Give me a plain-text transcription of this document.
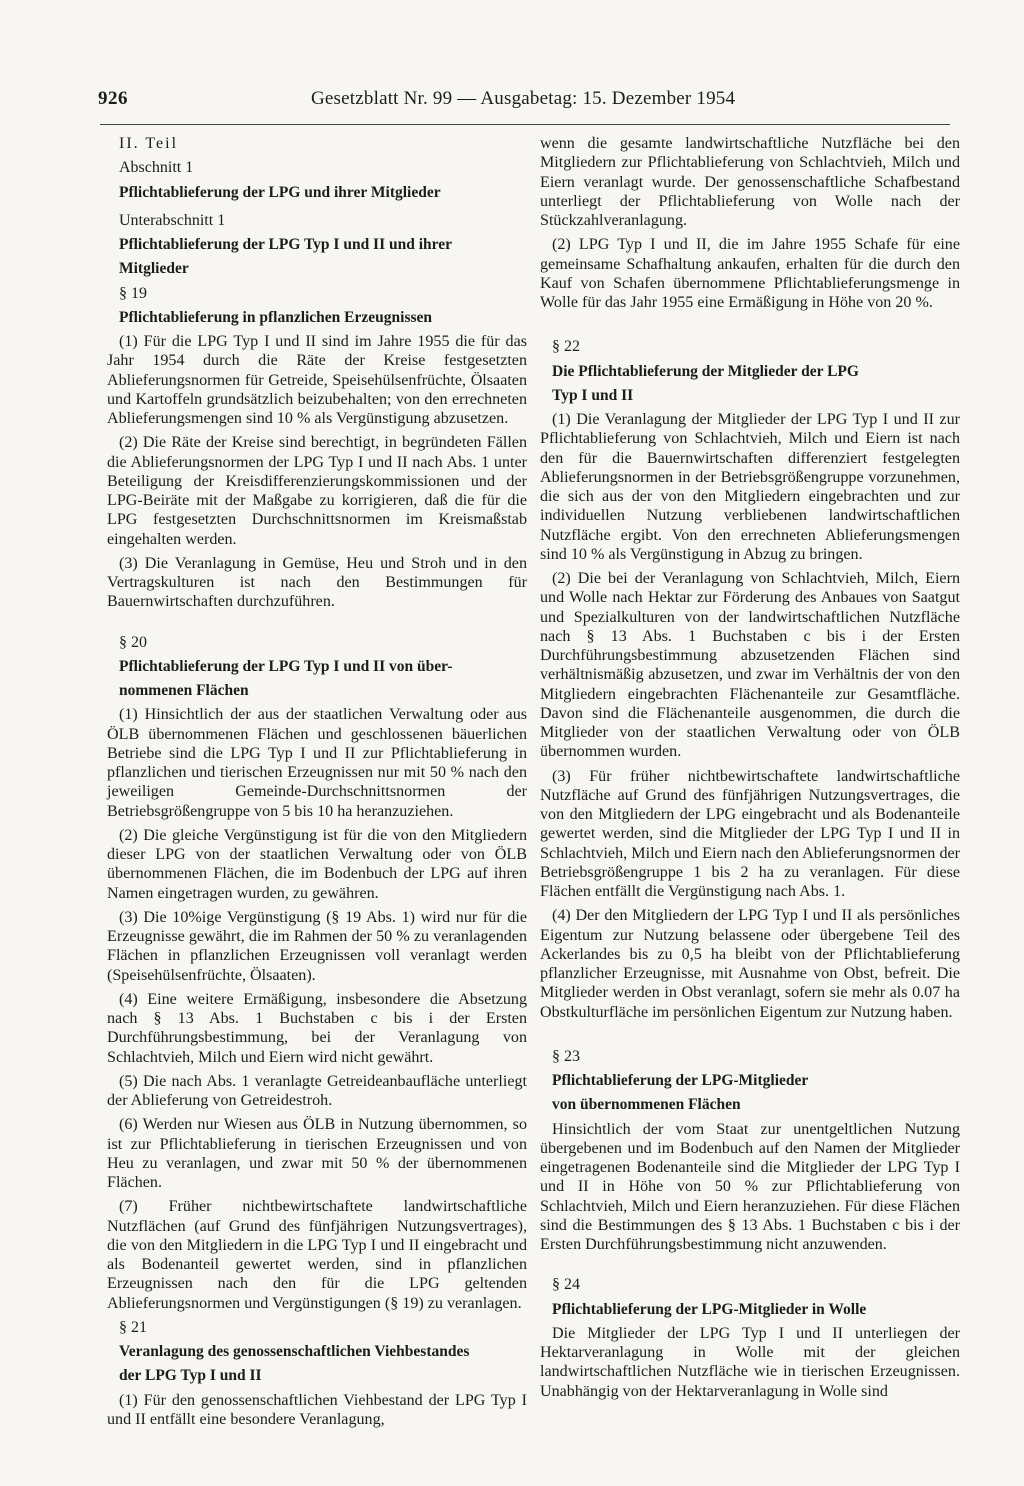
926	Gesetzblatt Nr. 99 — Ausgabetag: 15. Dezember 1954

II. Teil

Abschnitt 1

Pflichtablieferung der LPG und ihrer Mitglieder

Unterabschnitt 1

Pflichtablieferung der LPG Typ I und II und ihrer

Mitglieder

§ 19

Pflichtablieferung in pflanzlichen Erzeugnissen

(1) Für die LPG Typ I und II sind im Jahre 1955 die für das Jahr 1954 durch die Räte der Kreise festgesetzten Ablieferungsnormen für Getreide, Speisehülsenfrüchte, Ölsaaten und Kartoffeln grundsätzlich beizubehalten; von den errechneten Ablieferungsmengen sind 10 % als Vergünstigung abzusetzen.

(2) Die Räte der Kreise sind berechtigt, in begründeten Fällen die Ablieferungsnormen der LPG Typ I und II nach Abs. 1 unter Beteiligung der Kreisdifferenzierungskommissionen und der LPG-Beiräte mit der Maßgabe zu korrigieren, daß die für die LPG festgesetzten Durchschnittsnormen im Kreismaßstab eingehalten werden.

(3) Die Veranlagung in Gemüse, Heu und Stroh und in den Vertragskulturen ist nach den Bestimmungen für Bauernwirtschaften durchzuführen.

§ 20

Pflichtablieferung der LPG Typ I und II von über-

nommenen Flächen

(1) Hinsichtlich der aus der staatlichen Verwaltung oder aus ÖLB übernommenen Flächen und geschlossenen bäuerlichen Betriebe sind die LPG Typ I und II zur Pflichtablieferung in pflanzlichen und tierischen Erzeugnissen nur mit 50 % nach den jeweiligen Gemeinde-Durchschnittsnormen der Betriebsgrößengruppe von 5 bis 10 ha heranzuziehen.

(2) Die gleiche Vergünstigung ist für die von den Mitgliedern dieser LPG von der staatlichen Verwaltung oder von ÖLB übernommenen Flächen, die im Bodenbuch der LPG auf ihren Namen eingetragen wurden, zu gewähren.

(3) Die 10%ige Vergünstigung (§ 19 Abs. 1) wird nur für die Erzeugnisse gewährt, die im Rahmen der 50 % zu veranlagenden Flächen in pflanzlichen Erzeugnissen voll veranlagt werden (Speisehülsenfrüchte, Ölsaaten).

(4) Eine weitere Ermäßigung, insbesondere die Absetzung nach § 13 Abs. 1 Buchstaben c bis i der Ersten Durchführungsbestimmung, bei der Veranlagung von Schlachtvieh, Milch und Eiern wird nicht gewährt.

(5) Die nach Abs. 1 veranlagte Getreideanbaufläche unterliegt der Ablieferung von Getreidestroh.

(6) Werden nur Wiesen aus ÖLB in Nutzung übernommen, so ist zur Pflichtablieferung in tierischen Erzeugnissen und von Heu zu veranlagen, und zwar mit 50 % der übernommenen Flächen.

(7) Früher nichtbewirtschaftete landwirtschaftliche Nutzflächen (auf Grund des fünfjährigen Nutzungsvertrages), die von den Mitgliedern in die LPG Typ I und II eingebracht und als Bodenanteil gewertet werden, sind in pflanzlichen Erzeugnissen nach den für die LPG geltenden Ablieferungsnormen und Vergünstigungen (§ 19) zu veranlagen.

§ 21

Veranlagung des genossenschaftlichen Viehbestandes

der LPG Typ I und II

(1) Für den genossenschaftlichen Viehbestand der LPG Typ I und II entfällt eine besondere Veranlagung,

wenn die gesamte landwirtschaftliche Nutzfläche bei den Mitgliedern zur Pflichtablieferung von Schlachtvieh, Milch und Eiern veranlagt wurde. Der genossenschaftliche Schafbestand unterliegt der Pflichtablieferung von Wolle nach der Stückzahlveranlagung.

(2) LPG Typ I und II, die im Jahre 1955 Schafe für eine gemeinsame Schafhaltung ankaufen, erhalten für die durch den Kauf von Schafen übernommene Pflichtablieferungsmenge in Wolle für das Jahr 1955 eine Ermäßigung in Höhe von 20 %.

§ 22

Die Pflichtablieferung der Mitglieder der LPG

Typ I und II

(1) Die Veranlagung der Mitglieder der LPG Typ I und II zur Pflichtablieferung von Schlachtvieh, Milch und Eiern ist nach den für die Bauernwirtschaften differenziert festgelegten Ablieferungsnormen in der Betriebsgrößengruppe vorzunehmen, die sich aus der von den Mitgliedern eingebrachten und zur individuellen Nutzung verbliebenen landwirtschaftlichen Nutzfläche ergibt. Von den errechneten Ablieferungsmengen sind 10 % als Vergünstigung in Abzug zu bringen.

(2) Die bei der Veranlagung von Schlachtvieh, Milch, Eiern und Wolle nach Hektar zur Förderung des Anbaues von Saatgut und Spezialkulturen von der landwirtschaftlichen Nutzfläche nach § 13 Abs. 1 Buchstaben c bis i der Ersten Durchführungsbestimmung abzusetzenden Flächen sind verhältnismäßig abzusetzen, und zwar im Verhältnis der von den Mitgliedern eingebrachten Flächenanteile zur Gesamtfläche. Davon sind die Flächenanteile ausgenommen, die durch die Mitglieder von der staatlichen Verwaltung oder von ÖLB übernommen wurden.

(3) Für früher nichtbewirtschaftete landwirtschaftliche Nutzfläche auf Grund des fünfjährigen Nutzungsvertrages, die von den Mitgliedern der LPG eingebracht und als Bodenanteile gewertet werden, sind die Mitglieder der LPG Typ I und II in Schlachtvieh, Milch und Eiern nach den Ablieferungsnormen der Betriebsgrößengruppe 1 bis 2 ha zu veranlagen. Für diese Flächen entfällt die Vergünstigung nach Abs. 1.

(4) Der den Mitgliedern der LPG Typ I und II als persönliches Eigentum zur Nutzung belassene oder übergebene Teil des Ackerlandes bis zu 0,5 ha bleibt von der Pflichtablieferung pflanzlicher Erzeugnisse, mit Ausnahme von Obst, befreit. Die Mitglieder werden in Obst veranlagt, sofern sie mehr als 0.07 ha Obstkulturfläche im persönlichen Eigentum zur Nutzung haben.

§ 23

Pflichtablieferung der LPG-Mitglieder

von übernommenen Flächen

Hinsichtlich der vom Staat zur unentgeltlichen Nutzung übergebenen und im Bodenbuch auf den Namen der Mitglieder eingetragenen Bodenanteile sind die Mitglieder der LPG Typ I und II in Höhe von 50 % zur Pflichtablieferung von Schlachtvieh, Milch und Eiern heranzuziehen. Für diese Flächen sind die Bestimmungen des § 13 Abs. 1 Buchstaben c bis i der Ersten Durchführungsbestimmung nicht anzuwenden.

§ 24

Pflichtablieferung der LPG-Mitglieder in Wolle

Die Mitglieder der LPG Typ I und II unterliegen der Hektarveranlagung in Wolle mit der gleichen landwirtschaftlichen Nutzfläche wie in tierischen Erzeugnissen. Unabhängig von der Hektarveranlagung in Wolle sind
